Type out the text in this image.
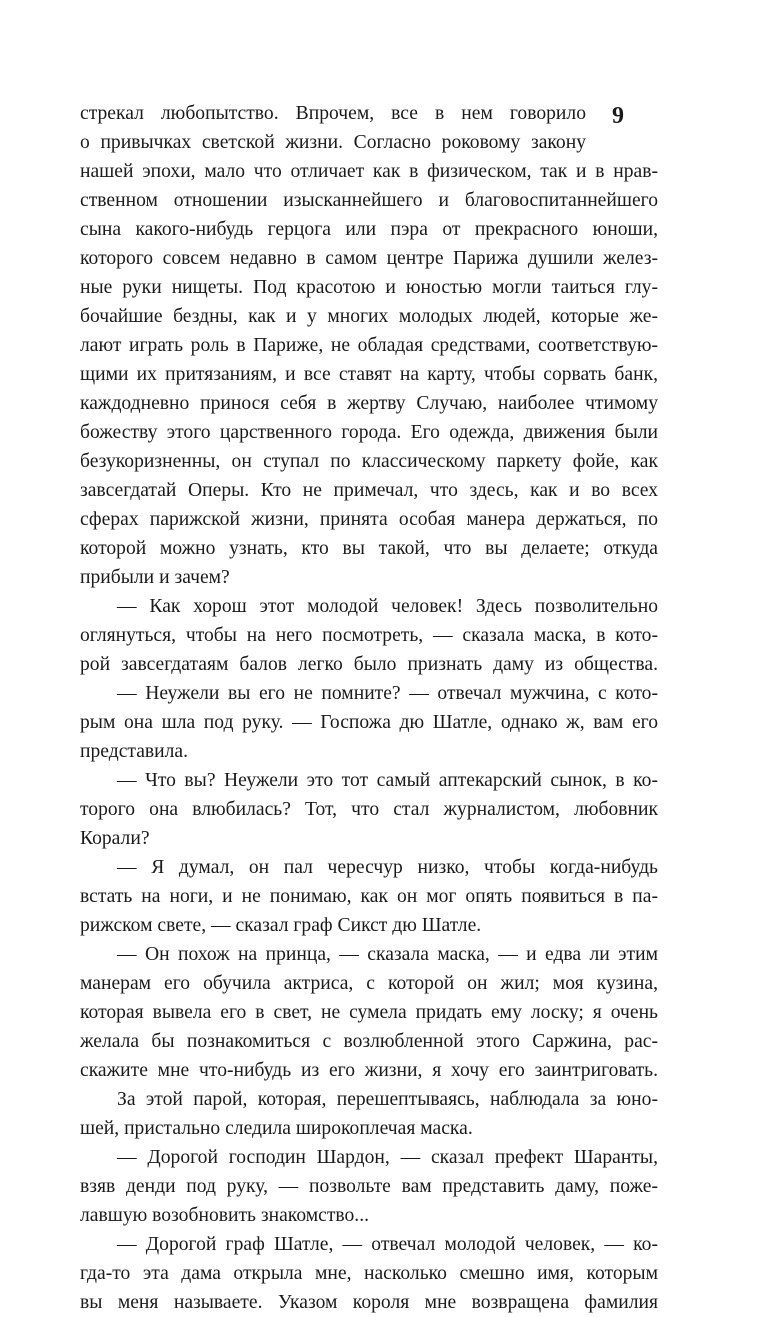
9
стрекал любопытство. Впрочем, все в нем говорило
о привычках светской жизни. Согласно роковому закону
нашей эпохи, мало что отличает как в физическом, так и в нрав-
ственном отношении изысканнейшего и благовоспитаннейшего
сына какого-нибудь герцога или пэра от прекрасного юноши,
которого совсем недавно в самом центре Парижа душили желез-
ные руки нищеты. Под красотою и юностью могли таиться глу-
бочайшие бездны, как и у многих молодых людей, которые же-
лают играть роль в Париже, не обладая средствами, соответствую-
щими их притязаниям, и все ставят на карту, чтобы сорвать банк,
каждодневно принося себя в жертву Случаю, наиболее чтимому
божеству этого царственного города. Его одежда, движения были
безукоризненны, он ступал по классическому паркету фойе, как
завсегдатай Оперы. Кто не примечал, что здесь, как и во всех
сферах парижской жизни, принята особая манера держаться, по
которой можно узнать, кто вы такой, что вы делаете; откуда
прибыли и зачем?
— Как хорош этот молодой человек! Здесь позволительно
оглянуться, чтобы на него посмотреть, — сказала маска, в кото-
рой завсегдатаям балов легко было признать даму из общества.
— Неужели вы его не помните? — отвечал мужчина, с кото-
рым она шла под руку. — Госпожа дю Шатле, однако ж, вам его
представила.
— Что вы? Неужели это тот самый аптекарский сынок, в ко-
торого она влюбилась? Тот, что стал журналистом, любовник
Корали?
— Я думал, он пал чересчур низко, чтобы когда-нибудь
встать на ноги, и не понимаю, как он мог опять появиться в па-
рижском свете, — сказал граф Сикст дю Шатле.
— Он похож на принца, — сказала маска, — и едва ли этим
манерам его обучила актриса, с которой он жил; моя кузина,
которая вывела его в свет, не сумела придать ему лоску; я очень
желала бы познакомиться с возлюбленной этого Саржина, рас-
скажите мне что-нибудь из его жизни, я хочу его заинтриговать.
За этой парой, которая, перешептываясь, наблюдала за юно-
шей, пристально следила широкоплечая маска.
— Дорогой господин Шардон, — сказал префект Шаранты,
взяв денди под руку, — позвольте вам представить даму, поже-
лавшую возобновить знакомство...
— Дорогой граф Шатле, — отвечал молодой человек, — ко-
гда-то эта дама открыла мне, насколько смешно имя, которым
вы меня называете. Указом короля мне возвращена фамилия
